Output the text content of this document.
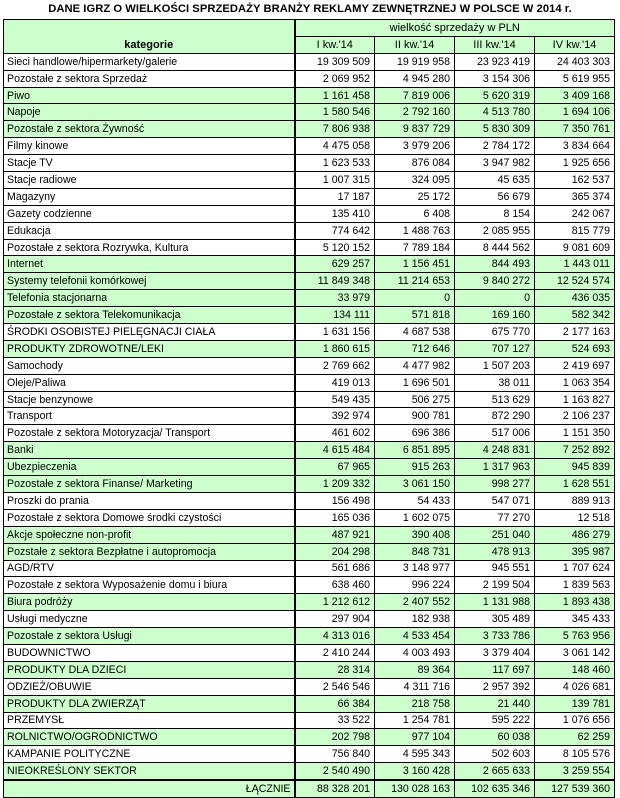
DANE IGRZ O WIELKOŚCI SPRZEDAŻY BRANŻY REKLAMY ZEWNĘTRZNEJ W POLSCE W 2014 r.
kategorie	wielkość sprzedaży w PLN			
	I kw.'14	II kw.'14	III kw.'14	IV kw.'14
Sieci handlowe/hipermarkety/galerie	19 309 509	19 919 958	23 923 419	24 403 303
Pozostałe z sektora Sprzedaż	2 069 952	4 945 280	3 154 306	5 619 955
Piwo	1 161 458	7 819 006	5 620 319	3 409 168
Napoje	1 580 546	2 792 160	4 513 780	1 694 106
Pozostałe z sektora Żywność	7 806 938	9 837 729	5 830 309	7 350 761
Filmy kinowe	4 475 058	3 979 206	2 784 172	3 834 664
Stacje TV	1 623 533	876 084	3 947 982	1 925 656
Stacje radiowe	1 007 315	324 095	45 635	162 537
Magazyny	17 187	25 172	56 679	365 374
Gazety codzienne	135 410	6 408	8 154	242 067
Edukacja	774 642	1 488 763	2 085 955	815 779
Pozostałe z sektora Rozrywka, Kultura	5 120 152	7 789 184	8 444 562	9 081 609
Internet	629 257	1 156 451	844 493	1 443 011
Systemy telefonii komórkowej	11 849 348	11 214 653	9 840 272	12 524 574
Telefonia stacjonarna	33 979	0	0	436 035
Pozostałe z sektora Telekomunikacja	134 111	571 818	169 160	582 342
ŚRODKI OSOBISTEJ PIELĘGNACJI CIAŁA	1 631 156	4 687 538	675 770	2 177 163
PRODUKTY ZDROWOTNE/LEKI	1 860 615	712 646	707 127	524 693
Samochody	2 769 662	4 477 982	1 507 203	2 419 697
Oleje/Paliwa	419 013	1 696 501	38 011	1 063 354
Stacje benzynowe	549 435	506 275	513 629	1 163 827
Transport	392 974	900 781	872 290	2 106 237
Pozostałe z sektora Motoryzacja/ Transport	461 602	696 386	517 006	1 151 350
Banki	4 615 484	6 851 895	4 248 831	7 252 892
Ubezpieczenia	67 965	915 263	1 317 963	945 839
Pozostałe z sektora Finanse/ Marketing	1 209 332	3 061 150	998 277	1 628 551
Proszki do prania	156 498	54 433	547 071	889 913
Pozostałe z sektora Domowe środki czystości	165 036	1 602 075	77 270	12 518
Akcje społeczne non-profit	487 921	390 408	251 040	486 279
Pozstałe z sektora Bezpłatne i autopromocja	204 298	848 731	478 913	395 987
AGD/RTV	561 686	3 148 977	945 551	1 707 624
Pozostałe z sektora Wyposażenie domu i biura	638 460	996 224	2 199 504	1 839 563
Biura podróży	1 212 612	2 407 552	1 131 988	1 893 438
Usługi medyczne	297 904	182 938	305 489	345 433
Pozostałe z sektora Usługi	4 313 016	4 533 454	3 733 786	5 763 956
BUDOWNICTWO	2 410 244	4 003 493	3 379 404	3 061 142
PRODUKTY DLA DZIECI	28 314	89 364	117 697	148 460
ODZIEŻ/OBUWIE	2 546 546	4 311 716	2 957 392	4 026 681
PRODUKTY DLA ZWIERZĄT	66 384	218 758	21 440	139 781
PRZEMYSŁ	33 522	1 254 781	595 222	1 076 656
ROLNICTWO/OGRODNICTWO	202 798	977 104	60 038	62 259
KAMPANIE POLITYCZNE	756 840	4 595 343	502 603	8 105 576
NIEOKREŚLONY SEKTOR	2 540 490	3 160 428	2 665 633	3 259 554
ŁĄCZNIE	88 328 201	130 028 163	102 635 346	127 539 360
